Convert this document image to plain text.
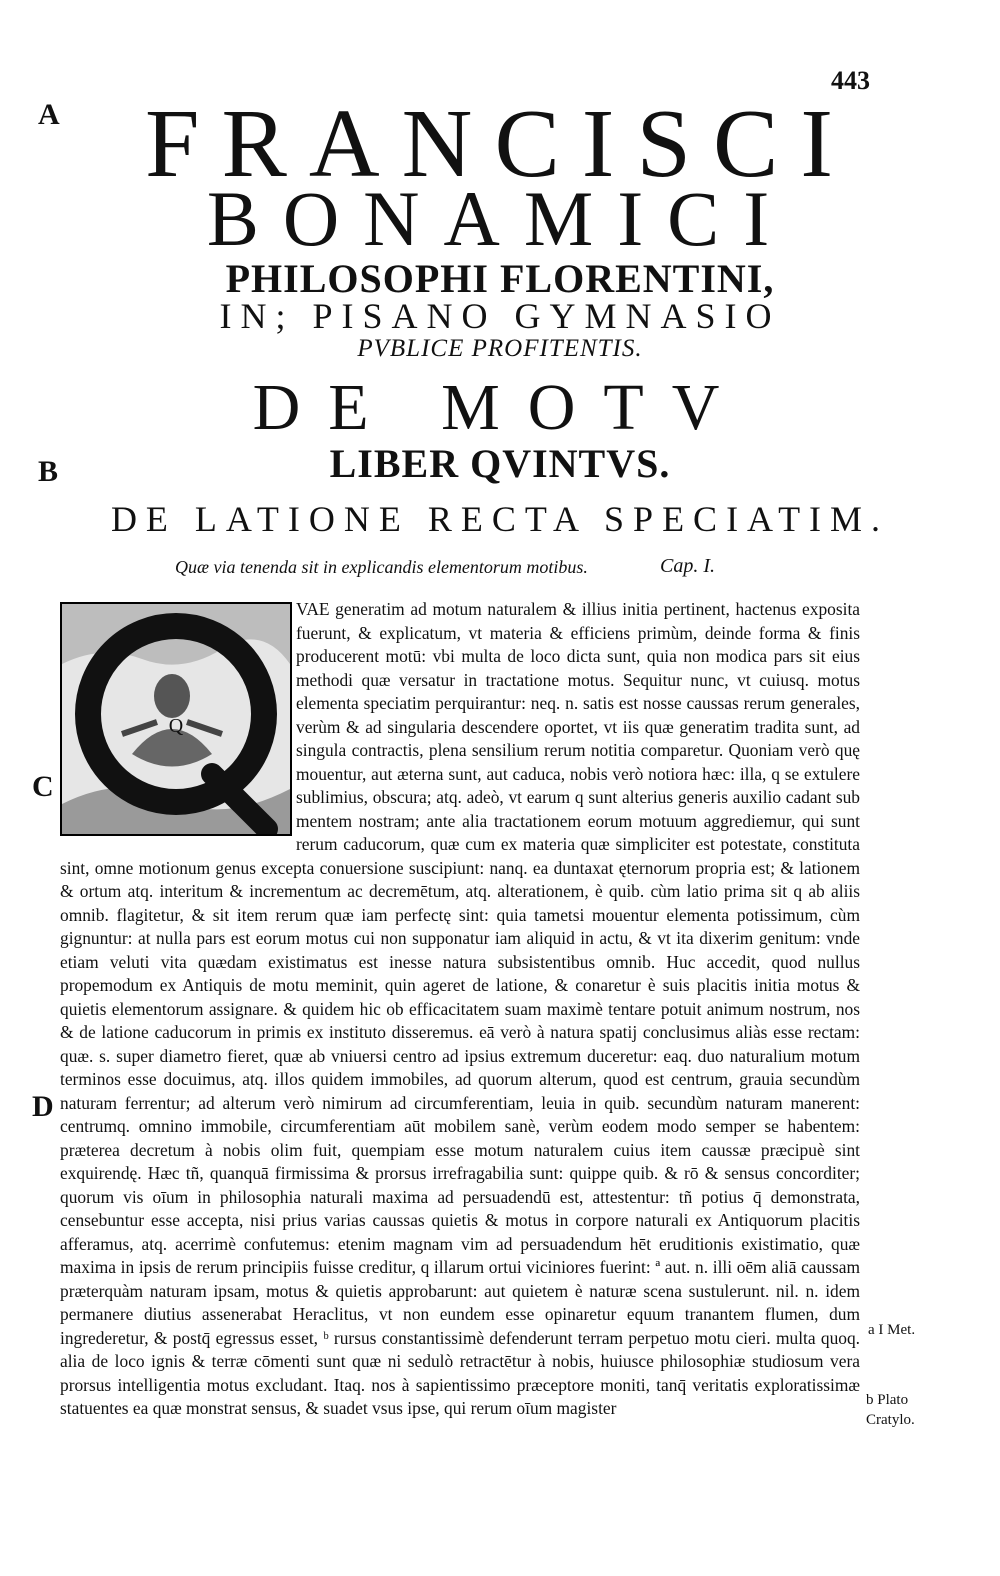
443
A
B
C
D
FRANCISCI
BONAMICI
PHILOSOPHI FLORENTINI,
IN; PISANO GYMNASIO
PVBLICE PROFITENTIS.
DE MOTV
LIBER QVINTVS.
DE LATIONE RECTA SPECIATIM.
Quæ via tenenda sit in explicandis elementorum motibus.	Cap. I.
Q
VAE generatim ad motum naturalem & illius initia pertinent, hactenus exposita fuerunt, & explicatum, vt materia & efficiens primùm, deinde forma & finis producerent motū: vbi multa de loco dicta sunt, quia non modica pars sit eius methodi quæ versatur in tractatione motus. Sequitur nunc, vt cuiusq. motus elementa speciatim perquirantur: neq. n. satis est nosse caussas rerum generales, verùm & ad singularia descendere oportet, vt iis quæ generatim tradita sunt, ad singula contractis, plena sensilium rerum notitia comparetur. Quoniam verò quę mouentur, aut æterna sunt, aut caduca, nobis verò notiora hæc: illa, q se extulere sublimius, obscura; atq. adeò, vt earum q sunt alterius generis auxilio cadant sub mentem nostram; ante alia tractationem eorum motuum aggrediemur, qui sunt rerum caducorum, quæ cum ex materia quæ simpliciter est potestate, constituta sint, omne motionum genus excepta conuersione suscipiunt: nanq. ea duntaxat ęternorum propria est; & lationem & ortum atq. interitum & incrementum ac decremētum, atq. alterationem, è quib. cùm latio prima sit q ab aliis omnib. flagitetur, & sit item rerum quæ iam perfectę sint: quia tametsi mouentur elementa potissimum, cùm gignuntur: at nulla pars est eorum motus cui non supponatur iam aliquid in actu, & vt ita dixerim genitum: vnde etiam veluti vita quædam existimatus est inesse natura subsistentibus omnib. Huc accedit, quod nullus propemodum ex Antiquis de motu meminit, quin ageret de latione, & conaretur è suis placitis initia motus & quietis elementorum assignare. & quidem hic ob efficacitatem suam maximè tentare potuit animum nostrum, nos & de latione caducorum in primis ex instituto disseremus. eā verò à natura spatij conclusimus aliàs esse rectam: quæ. s. super diametro fieret, quæ ab vniuersi centro ad ipsius extremum duceretur: eaq. duo naturalium motum terminos esse docuimus, atq. illos quidem immobiles, ad quorum alterum, quod est centrum, grauia secundùm naturam ferrentur; ad alterum verò nimirum ad circumferentiam, leuia in quib. secundùm naturam manerent: centrumq. omnino immobile, circumferentiam aūt mobilem sanè, verùm eodem modo semper se habentem: præterea decretum à nobis olim fuit, quempiam esse motum naturalem cuius item caussæ præcipuè sint exquirendę. Hæc tñ, quanquā firmissima & prorsus irrefragabilia sunt: quippe quib. & rō & sensus concorditer; quorum vis oīum in philosophia naturali maxima ad persuadendū est, attestentur: tñ potius q̄ demonstrata, censebuntur esse accepta, nisi prius varias caussas quietis & motus in corpore naturali ex Antiquorum placitis afferamus, atq. acerrimè confutemus: etenim magnam vim ad persuadendum hēt eruditionis existimatio, quæ maxima in ipsis de rerum principiis fuisse creditur, q illarum ortui viciniores fuerint: ª aut. n. illi oēm aliā caussam præterquàm naturam ipsam, motus & quietis approbarunt: aut quietem è naturæ scena sustulerunt. nil. n. idem permanere diutius assenerabat Heraclitus, vt non eundem esse opinaretur equum tranantem flumen, dum ingrederetur, & postq̄ egressus esset, ᵇ rursus constantissimè defenderunt terram perpetuo motu cieri. multa quoq. alia de loco ignis & terræ cōmenti sunt quæ ni sedulò retractētur à nobis, huiusce philosophiæ studiosum vera prorsus intelligentia motus excludant. Itaq. nos à sapientissimo præceptore moniti, tanq̄ veritatis exploratissimæ statuentes ea quæ monstrat sensus, & suadet vsus ipse, qui rerum oīum magister
a I Met.
b Plato
Cratylo.
